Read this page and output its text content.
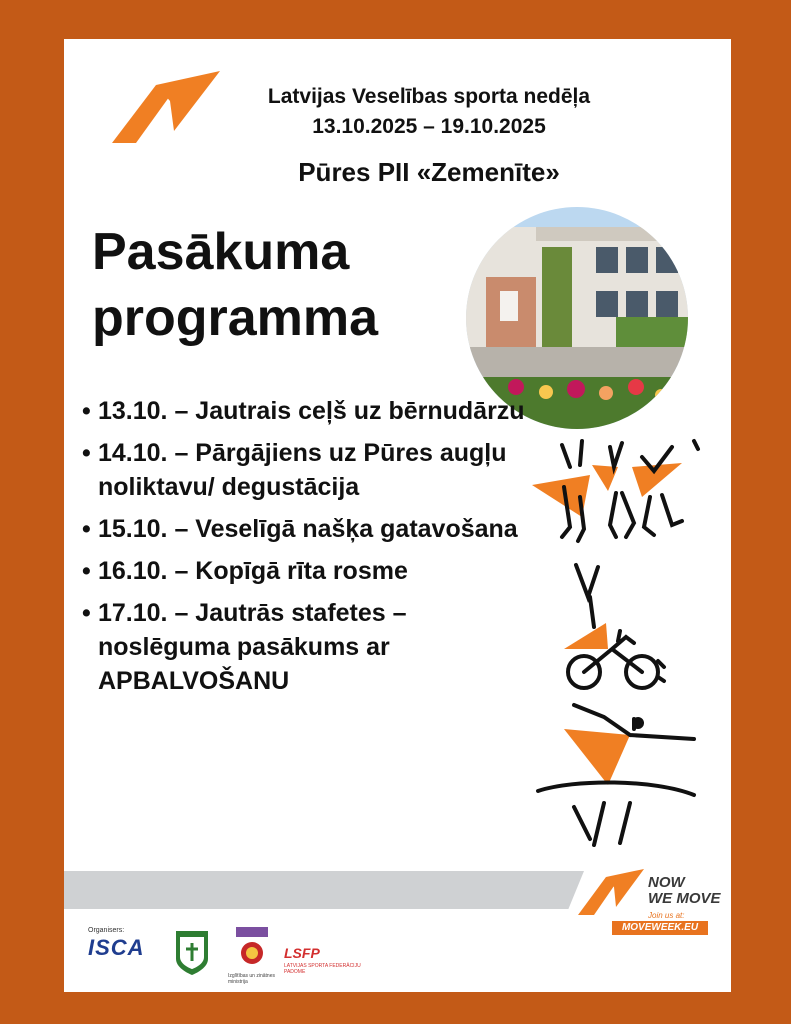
Latvijas Veselības sporta nedēļa
13.10.2025 – 19.10.2025
Pūres PII «Zemenīte»
Pasākuma
programma
• 13.10. – Jautrais ceļš uz bērnudārzu
• 14.10. – Pārgājiens uz Pūres augļu noliktavu/ degustācija
• 15.10. – Veselīgā našķa gatavošana
• 16.10. – Kopīgā rīta rosme
• 17.10. – Jautrās stafetes – noslēguma pasākums ar APBALVOŠANU
NOW
WE MOVE
Join us at:
MOVEWEEK.EU
Organisers:
ISCA
Izglītības un zinātnes ministrija
LSFP
LATVIJAS SPORTA FEDERĀCIJU PADOME
